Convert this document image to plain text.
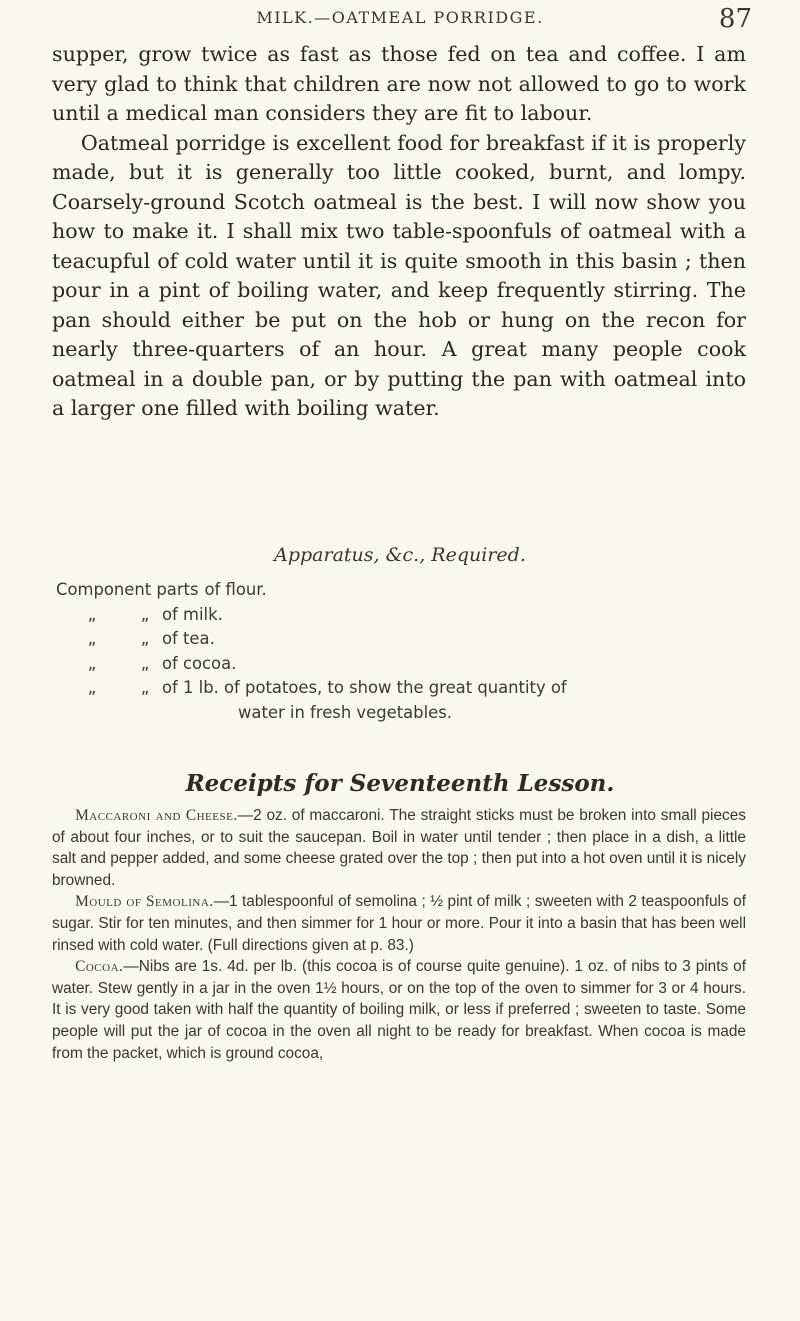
MILK.—OATMEAL PORRIDGE.	87

supper, grow twice as fast as those fed on tea and coffee. I am very glad to think that children are now not allowed to go to work until a medical man considers they are fit to labour.

Oatmeal porridge is excellent food for breakfast if it is properly made, but it is generally too little cooked, burnt, and lompy. Coarsely-ground Scotch oatmeal is the best. I will now show you how to make it. I shall mix two table-spoonfuls of oatmeal with a teacupful of cold water until it is quite smooth in this basin ; then pour in a pint of boiling water, and keep frequently stirring. The pan should either be put on the hob or hung on the recon for nearly three-quarters of an hour. A great many people cook oatmeal in a double pan, or by putting the pan with oatmeal into a larger one filled with boiling water.

Apparatus, &c., Required.
Component parts of flour.
„	„ of milk.
„	„ of tea.
„	„ of cocoa.
„	„ of 1 lb. of potatoes, to show the great quantity of
water in fresh vegetables.
Receipts for Seventeenth Lesson.

Maccaroni and Cheese.—2 oz. of maccaroni. The straight sticks must be broken into small pieces of about four inches, or to suit the saucepan. Boil in water until tender ; then place in a dish, a little salt and pepper added, and some cheese grated over the top ; then put into a hot oven until it is nicely browned.

Mould of Semolina.—1 tablespoonful of semolina ; ½ pint of milk ; sweeten with 2 teaspoonfuls of sugar. Stir for ten minutes, and then simmer for 1 hour or more. Pour it into a basin that has been well rinsed with cold water. (Full directions given at p. 83.)

Cocoa.—Nibs are 1s. 4d. per lb. (this cocoa is of course quite genuine). 1 oz. of nibs to 3 pints of water. Stew gently in a jar in the oven 1½ hours, or on the top of the oven to simmer for 3 or 4 hours. It is very good taken with half the quantity of boiling milk, or less if preferred ; sweeten to taste. Some people will put the jar of cocoa in the oven all night to be ready for breakfast. When cocoa is made from the packet, which is ground cocoa,
